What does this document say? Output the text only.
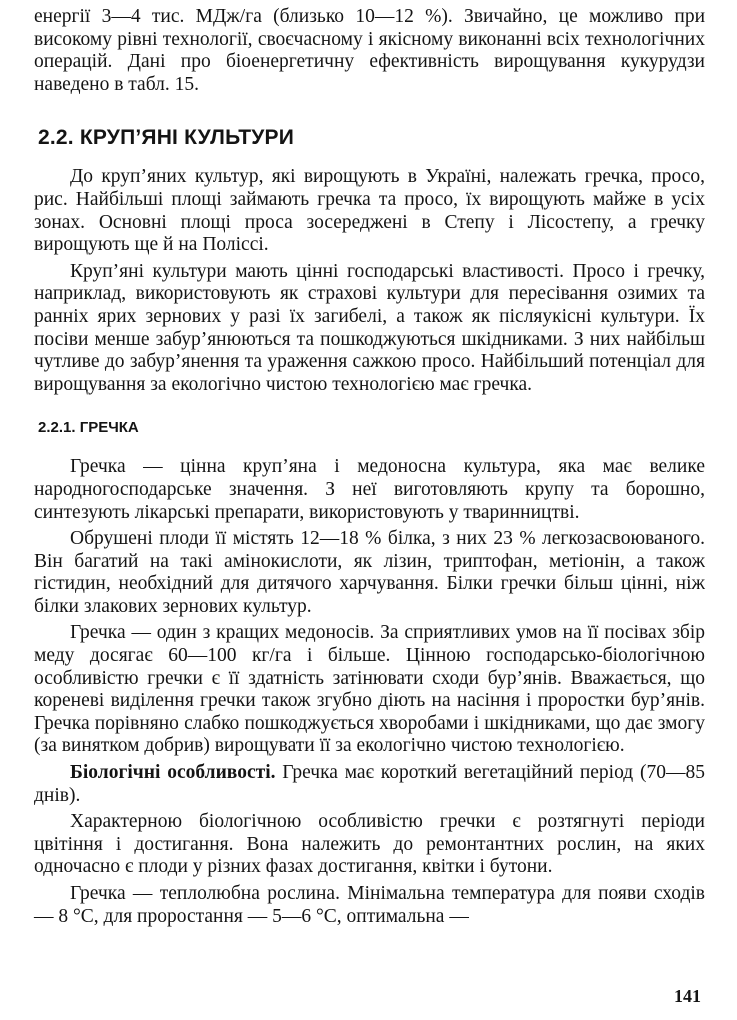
енергії 3—4 тис. МДж/га (близько 10—12 %). Звичайно, це можливо при високому рівні технології, своєчасному і якісному виконанні всіх технологічних операцій. Дані про біоенергетичну ефективність вирощування кукурудзи наведено в табл. 15.

2.2. КРУП’ЯНІ КУЛЬТУРИ

До круп’яних культур, які вирощують в Україні, належать гречка, просо, рис. Найбільші площі займають гречка та просо, їх вирощують майже в усіх зонах. Основні площі проса зосереджені в Степу і Лісостепу, а гречку вирощують ще й на Поліссі.

Круп’яні культури мають цінні господарські властивості. Просо і гречку, наприклад, використовують як страхові культури для пересівання озимих та ранніх ярих зернових у разі їх загибелі, а також як післяукісні культури. Їх посіви менше забур’янюються та пошкоджуються шкідниками. З них найбільш чутливе до забур’янення та ураження сажкою просо. Найбільший потенціал для вирощування за екологічно чистою технологією має гречка.

2.2.1. ГРЕЧКА

Гречка — цінна круп’яна і медоносна культура, яка має велике народногосподарське значення. З неї виготовляють крупу та борошно, синтезують лікарські препарати, використовують у тваринництві.

Обрушені плоди її містять 12—18 % білка, з них 23 % легкозасвоюваного. Він багатий на такі амінокислоти, як лізин, триптофан, метіонін, а також гістидин, необхідний для дитячого харчування. Білки гречки більш цінні, ніж білки злакових зернових культур.

Гречка — один з кращих медоносів. За сприятливих умов на її посівах збір меду досягає 60—100 кг/га і більше. Цінною господарсько-біологічною особливістю гречки є її здатність затінювати сходи бур’янів. Вважається, що кореневі виділення гречки також згубно діють на насіння і проростки бур’янів. Гречка порівняно слабко пошкоджується хворобами і шкідниками, що дає змогу (за винятком добрив) вирощувати її за екологічно чистою технологією.

Біологічні особливості. Гречка має короткий вегетаційний період (70—85 днів).

Характерною біологічною особливістю гречки є розтягнуті періоди цвітіння і достигання. Вона належить до ремонтантних рослин, на яких одночасно є плоди у різних фазах достигання, квітки і бутони.

Гречка — теплолюбна рослина. Мінімальна температура для появи сходів — 8 °С, для проростання — 5—6 °С, оптимальна —

141
